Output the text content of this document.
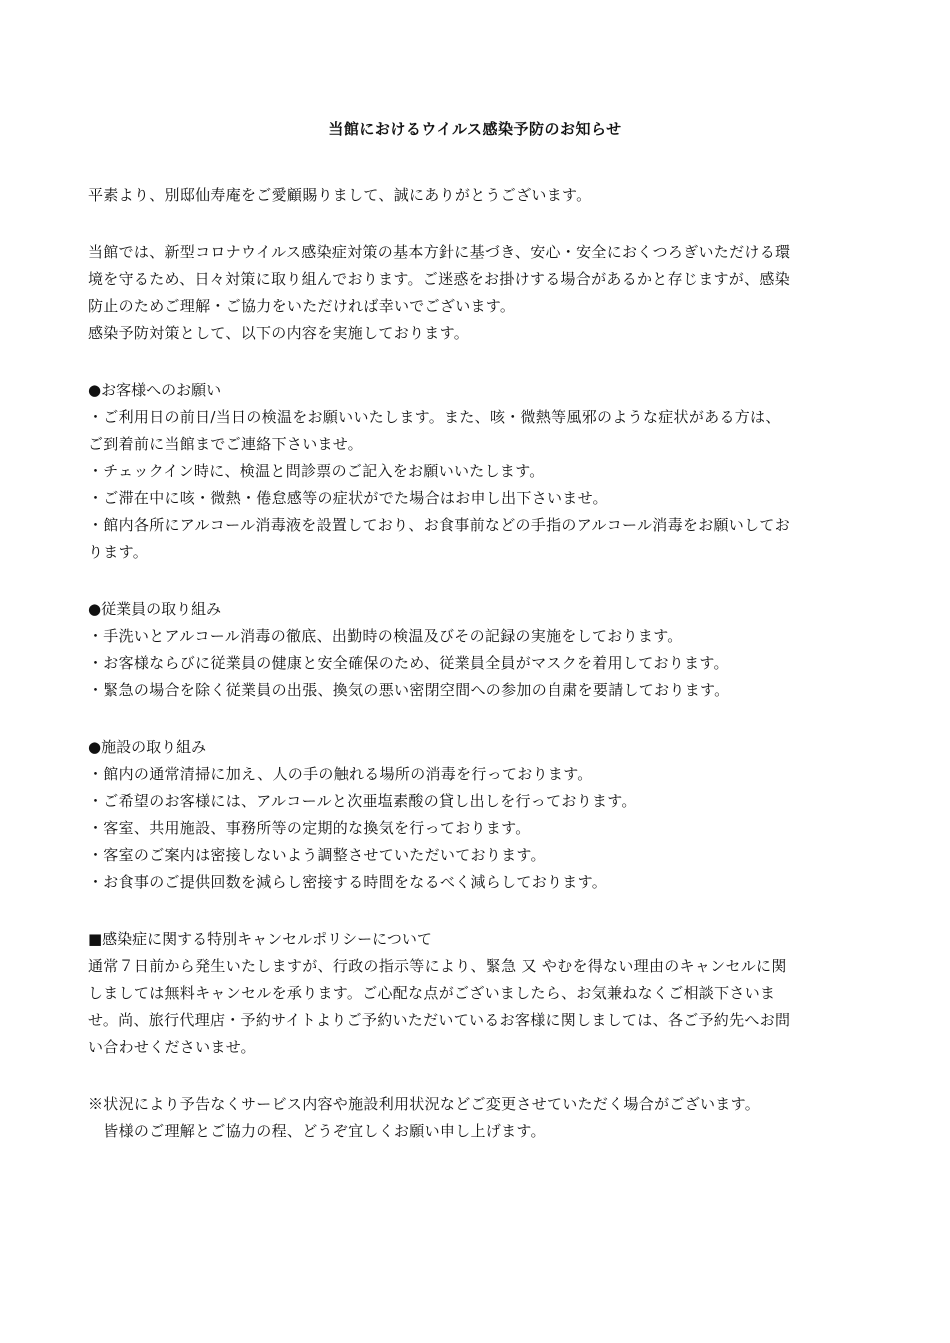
当館におけるウイルス感染予防のお知らせ

平素より、別邸仙寿庵をご愛顧賜りまして、誠にありがとうございます。

当館では、新型コロナウイルス感染症対策の基本方針に基づき、安心・安全におくつろぎいただける環

境を守るため、日々対策に取り組んでおります。ご迷惑をお掛けする場合があるかと存じますが、感染

防止のためご理解・ご協力をいただければ幸いでございます。

感染予防対策として、以下の内容を実施しております。

●お客様へのお願い

・ご利用日の前日/当日の検温をお願いいたします。また、咳・微熱等風邪のような症状がある方は、

ご到着前に当館までご連絡下さいませ。

・チェックイン時に、検温と問診票のご記入をお願いいたします。

・ご滞在中に咳・微熱・倦怠感等の症状がでた場合はお申し出下さいませ。

・館内各所にアルコール消毒液を設置しており、お食事前などの手指のアルコール消毒をお願いしてお

ります。

●従業員の取り組み

・手洗いとアルコール消毒の徹底、出勤時の検温及びその記録の実施をしております。

・お客様ならびに従業員の健康と安全確保のため、従業員全員がマスクを着用しております。

・緊急の場合を除く従業員の出張、換気の悪い密閉空間への参加の自粛を要請しております。

●施設の取り組み

・館内の通常清掃に加え、人の手の触れる場所の消毒を行っております。

・ご希望のお客様には、アルコールと次亜塩素酸の貸し出しを行っております。

・客室、共用施設、事務所等の定期的な換気を行っております。

・客室のご案内は密接しないよう調整させていただいております。

・お食事のご提供回数を減らし密接する時間をなるべく減らしております。

■感染症に関する特別キャンセルポリシーについて

通常７日前から発生いたしますが、行政の指示等により、緊急 又 やむを得ない理由のキャンセルに関

しましては無料キャンセルを承ります。ご心配な点がございましたら、お気兼ねなくご相談下さいま

せ。尚、旅行代理店・予約サイトよりご予約いただいているお客様に関しましては、各ご予約先へお問

い合わせくださいませ。

※状況により予告なくサービス内容や施設利用状況などご変更させていただく場合がございます。

　皆様のご理解とご協力の程、どうぞ宜しくお願い申し上げます。
